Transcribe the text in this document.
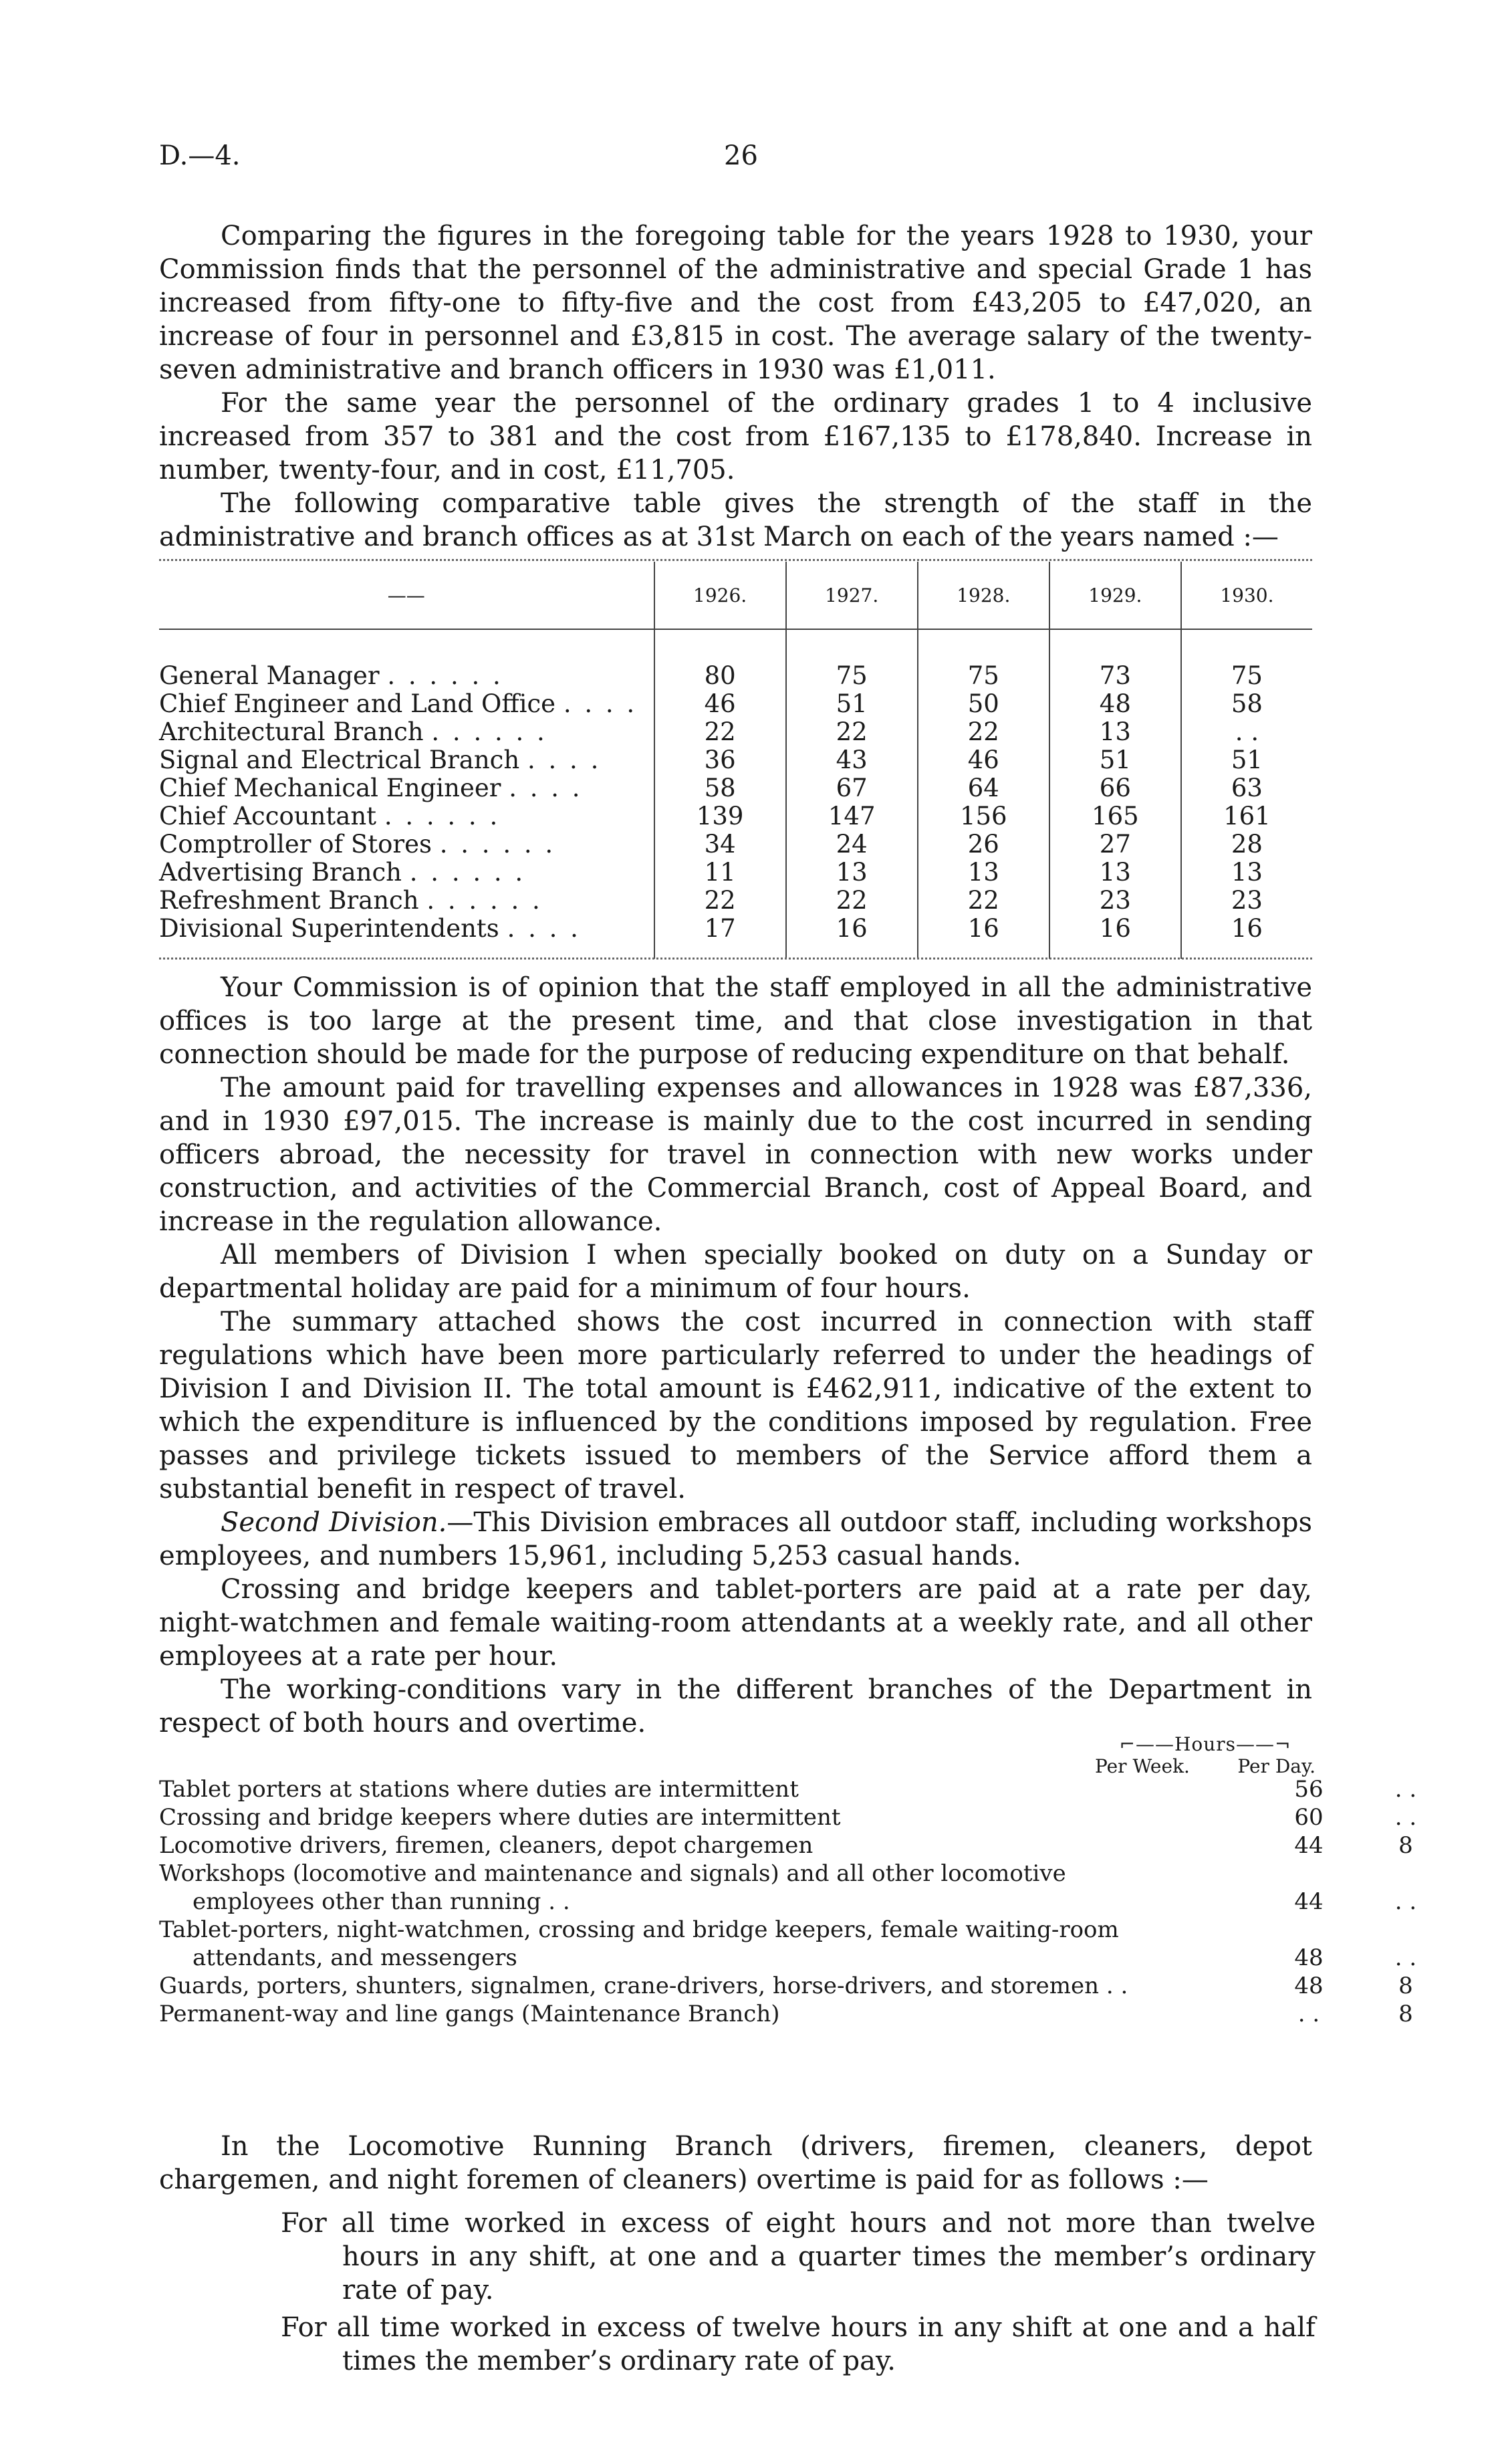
D.—4.	26

Comparing the figures in the foregoing table for the years 1928 to 1930, your Commission finds that the personnel of the administrative and special Grade 1 has increased from fifty-one to fifty-five and the cost from £43,205 to £47,020, an increase of four in personnel and £3,815 in cost. The average salary of the twenty-seven administrative and branch officers in 1930 was £1,011.

For the same year the personnel of the ordinary grades 1 to 4 inclusive increased from 357 to 381 and the cost from £167,135 to £178,840. Increase in number, twenty-four, and in cost, £11,705.

The following comparative table gives the strength of the staff in the administrative and branch offices as at 31st March on each of the years named :—

——	1926.	1927.	1928.	1929.	1930.

General Manager . . . . . .	80	75	75	73	75
Chief Engineer and Land Office . . . .	46	51	50	48	58
Architectural Branch . . . . . .	22	22	22	13	. .
Signal and Electrical Branch . . . .	36	43	46	51	51
Chief Mechanical Engineer . . . .	58	67	64	66	63
Chief Accountant . . . . . .	139	147	156	165	161
Comptroller of Stores . . . . . .	34	24	26	27	28
Advertising Branch . . . . . .	11	13	13	13	13
Refreshment Branch . . . . . .	22	22	22	23	23
Divisional Superintendents . . . .	17	16	16	16	16

Your Commission is of opinion that the staff employed in all the administrative offices is too large at the present time, and that close investigation in that connection should be made for the purpose of reducing expenditure on that behalf.

The amount paid for travelling expenses and allowances in 1928 was £87,336, and in 1930 £97,015. The increase is mainly due to the cost incurred in sending officers abroad, the necessity for travel in connection with new works under construction, and activities of the Commercial Branch, cost of Appeal Board, and increase in the regulation allowance.

All members of Division I when specially booked on duty on a Sunday or departmental holiday are paid for a minimum of four hours.

The summary attached shows the cost incurred in connection with staff regulations which have been more particularly referred to under the headings of Division I and Division II. The total amount is £462,911, indicative of the extent to which the expenditure is influenced by the conditions imposed by regulation. Free passes and privilege tickets issued to members of the Service afford them a substantial benefit in respect of travel.

Second Division.—This Division embraces all outdoor staff, including workshops employees, and numbers 15,961, including 5,253 casual hands.

Crossing and bridge keepers and tablet-porters are paid at a rate per day, night-watchmen and female waiting-room attendants at a weekly rate, and all other employees at a rate per hour.

The working-conditions vary in the different branches of the Department in respect of both hours and overtime.

⌐——Hours——¬
Per Week.	Per Day.
Tablet porters at stations where duties are intermittent	56	. .
Crossing and bridge keepers where duties are intermittent	60	. .
Locomotive drivers, firemen, cleaners, depot chargemen	44	8
Workshops (locomotive and maintenance and signals) and all other locomotive
employees other than running . .	44	. .
Tablet-porters, night-watchmen, crossing and bridge keepers, female waiting-room
attendants, and messengers	48	. .
Guards, porters, shunters, signalmen, crane-drivers, horse-drivers, and storemen . .	48	8
Permanent-way and line gangs (Maintenance Branch)	. .	8

In the Locomotive Running Branch (drivers, firemen, cleaners, depot chargemen, and night foremen of cleaners) overtime is paid for as follows :—

For all time worked in excess of eight hours and not more than twelve hours in any shift, at one and a quarter times the member’s ordinary rate of pay.

For all time worked in excess of twelve hours in any shift at one and a half times the member’s ordinary rate of pay.
